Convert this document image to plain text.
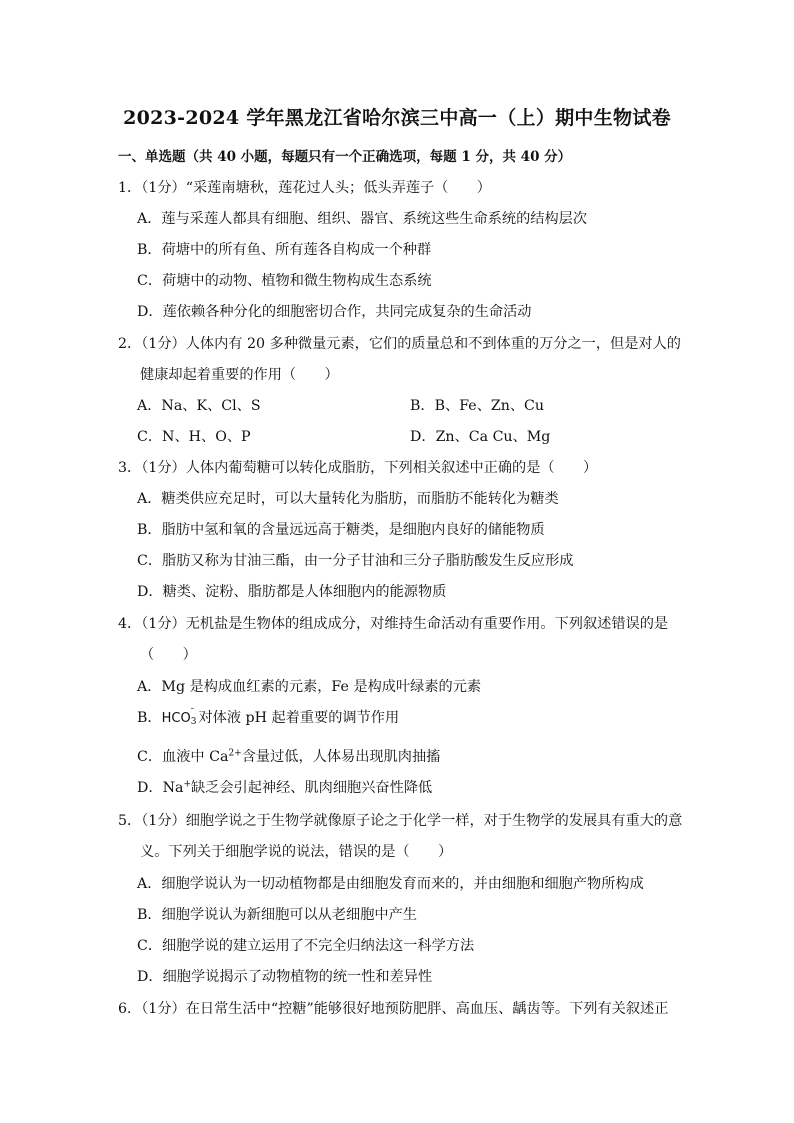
2023-2024 学年黑龙江省哈尔滨三中高一（上）期中生物试卷
一、单选题（共 40 小题，每题只有一个正确选项，每题 1 分，共 40 分）
1．（1分）“采莲南塘秋，莲花过人头；低头弄莲子（　　）
A．莲与采莲人都具有细胞、组织、器官、系统这些生命系统的结构层次
B．荷塘中的所有鱼、所有莲各自构成一个种群
C．荷塘中的动物、植物和微生物构成生态系统
D．莲依赖各种分化的细胞密切合作，共同完成复杂的生命活动
2．（1分）人体内有 20 多种微量元素，它们的质量总和不到体重的万分之一，但是对人的
健康却起着重要的作用（　　）
A．Na、K、Cl、S	B．B、Fe、Zn、Cu
C．N、H、O、P	D．Zn、Ca Cu、Mg
3．（1分）人体内葡萄糖可以转化成脂肪，下列相关叙述中正确的是（　　）
A．糖类供应充足时，可以大量转化为脂肪，而脂肪不能转化为糖类
B．脂肪中氢和氧的含量远远高于糖类，是细胞内良好的储能物质
C．脂肪又称为甘油三酯，由一分子甘油和三分子脂肪酸发生反应形成
D．糖类、淀粉、脂肪都是人体细胞内的能源物质
4．（1分）无机盐是生物体的组成成分，对维持生命活动有重要作用。下列叙述错误的是
（　　）
A．Mg 是构成血红素的元素，Fe 是构成叶绿素的元素
B．HCO
-
3 对体液 pH 起着重要的调节作用
C．血液中 $Ca^{2+}$含量过低，人体易出现肌肉抽搐
D．Na+缺乏会引起神经、肌肉细胞兴奋性降低
5．（1分）细胞学说之于生物学就像原子论之于化学一样，对于生物学的发展具有重大的意
义。下列关于细胞学说的说法，错误的是（　　）
A．细胞学说认为一切动植物都是由细胞发育而来的，并由细胞和细胞产物所构成
B．细胞学说认为新细胞可以从老细胞中产生
C．细胞学说的建立运用了不完全归纳法这一科学方法
D．细胞学说揭示了动物植物的统一性和差异性
6．（1分）在日常生活中“控糖”能够很好地预防肥胖、高血压、龋齿等。下列有关叙述正
